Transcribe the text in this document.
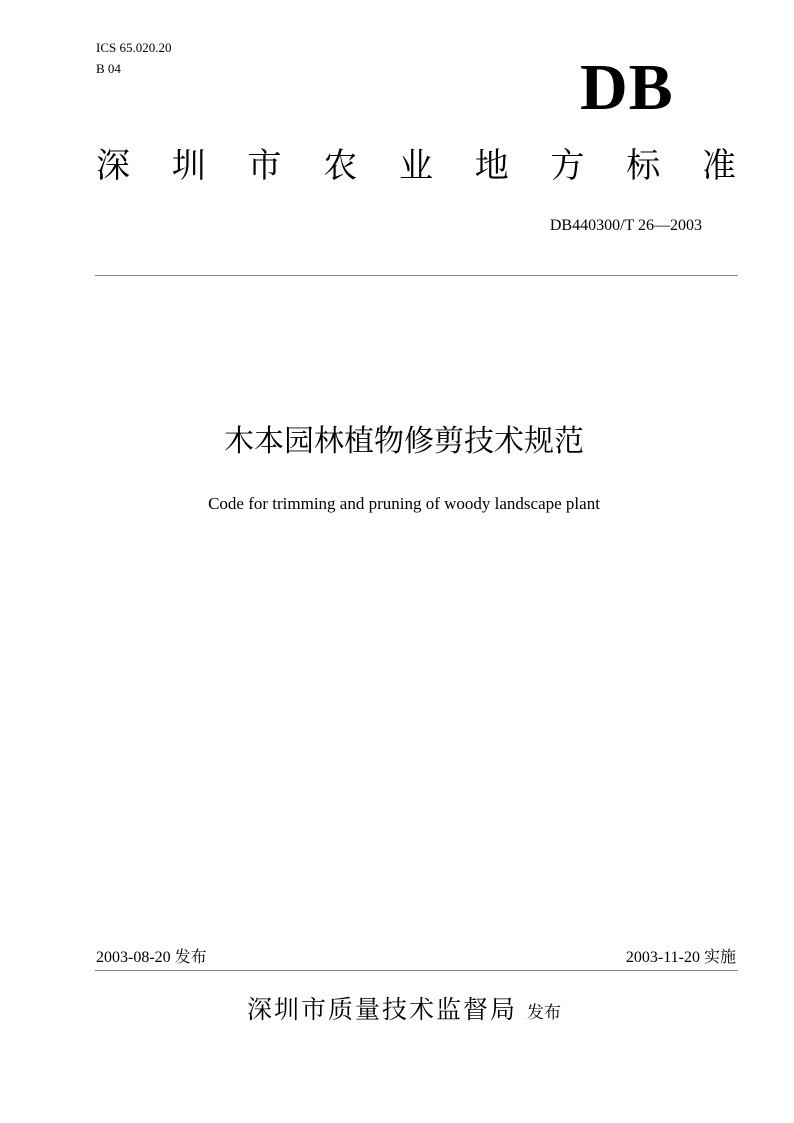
ICS 65.020.20
B 04	DB
深 圳 市 农 业 地 方 标 准
DB440300/T 26—2003
木本园林植物修剪技术规范
Code for trimming and pruning of woody landscape plant
2003-08-20 发布	2003-11-20 实施
深圳市质量技术监督局 发布
